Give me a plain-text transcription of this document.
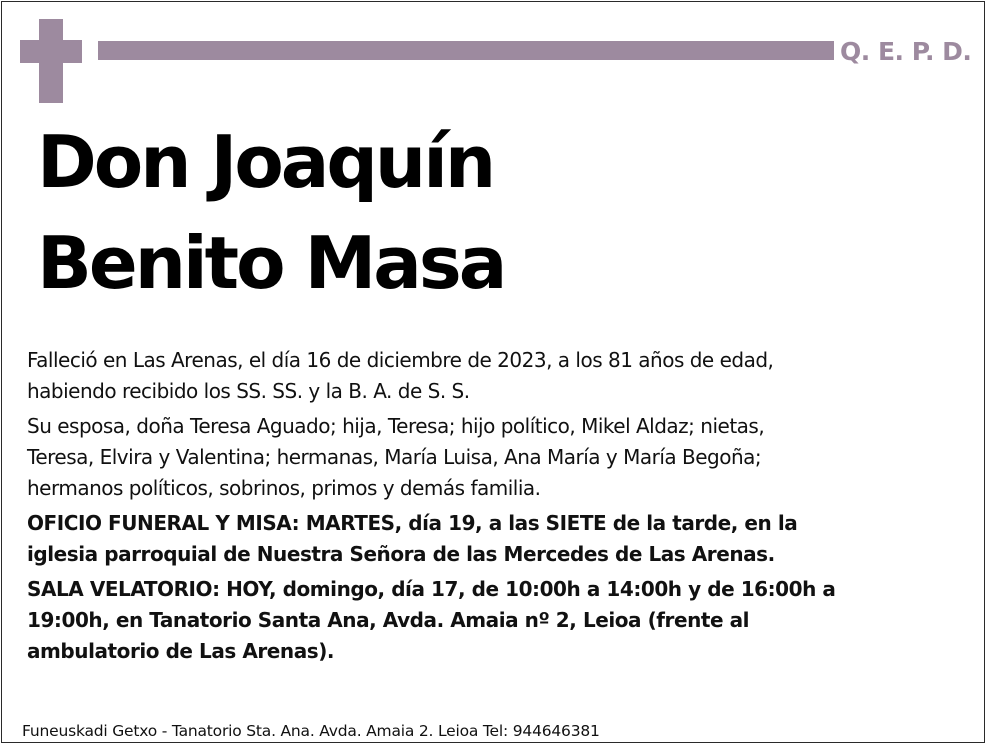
Q. E. P. D.
Don Joaquín
Benito Masa

Falleció en Las Arenas, el día 16 de diciembre de 2023, a los 81 años de edad,
habiendo recibido los SS. SS. y la B. A. de S. S.

Su esposa, doña Teresa Aguado; hija, Teresa; hijo político, Mikel Aldaz; nietas,
Teresa, Elvira y Valentina; hermanas, María Luisa, Ana María y María Begoña;
hermanos políticos, sobrinos, primos y demás familia.

OFICIO FUNERAL Y MISA: MARTES, día 19, a las SIETE de la tarde, en la
iglesia parroquial de Nuestra Señora de las Mercedes de Las Arenas.

SALA VELATORIO: HOY, domingo, día 17, de 10:00h a 14:00h y de 16:00h a
19:00h, en Tanatorio Santa Ana, Avda. Amaia nº 2, Leioa (frente al
ambulatorio de Las Arenas).

Funeuskadi Getxo - Tanatorio Sta. Ana. Avda. Amaia 2. Leioa Tel: 944646381
